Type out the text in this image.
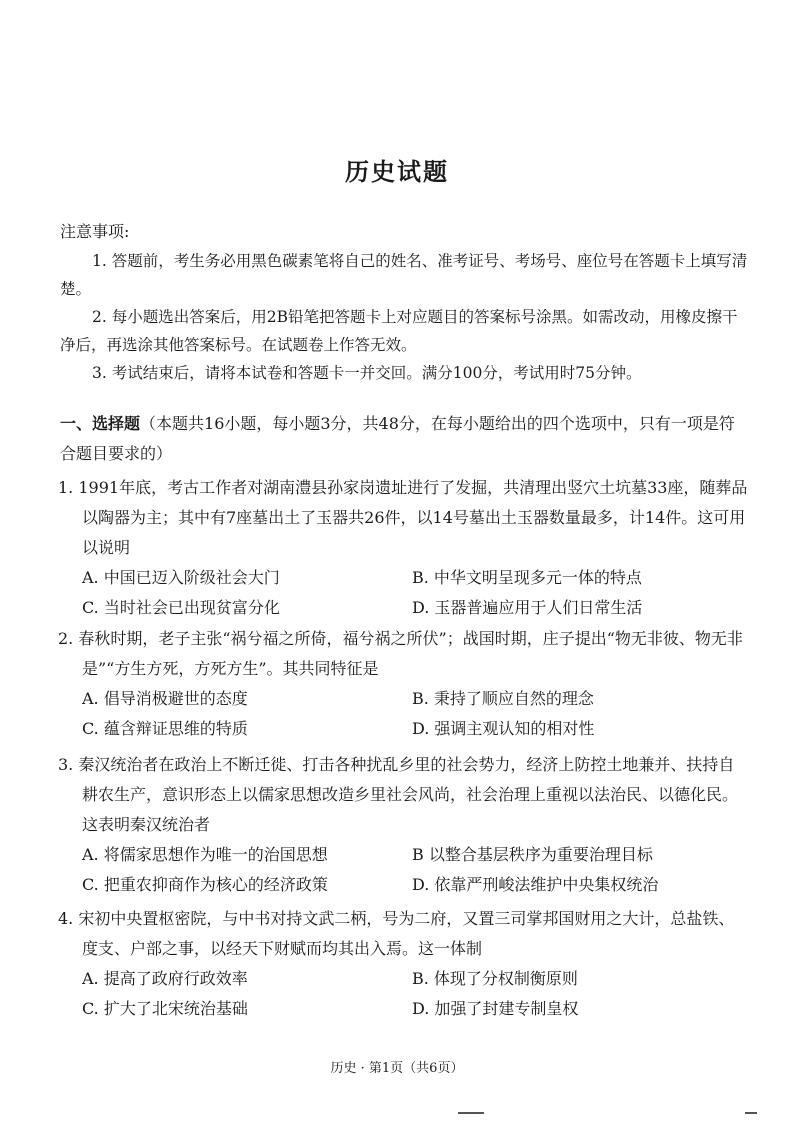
历史试题
注意事项:
1. 答题前，考生务必用黑色碳素笔将自己的姓名、准考证号、考场号、座位号在答题卡上填写清楚。
2. 每小题选出答案后，用2B铅笔把答题卡上对应题目的答案标号涂黑。如需改动，用橡皮擦干净后，再选涂其他答案标号。在试题卷上作答无效。
3. 考试结束后，请将本试卷和答题卡一并交回。满分100分，考试用时75分钟。
一、选择题（本题共16小题，每小题3分，共48分，在每小题给出的四个选项中，只有一项是符合题目要求的）
1. 1991年底，考古工作者对湖南澧县孙家岗遗址进行了发掘，共清理出竖穴土坑墓33座，随葬品以陶器为主；其中有7座墓出土了玉器共26件，以14号墓出土玉器数量最多，计14件。这可用以说明
A. 中国已迈入阶级社会大门	B. 中华文明呈现多元一体的特点
C. 当时社会已出现贫富分化	D. 玉器普遍应用于人们日常生活
2. 春秋时期，老子主张“祸兮福之所倚，福兮祸之所伏”；战国时期，庄子提出“物无非彼、物无非是”“方生方死，方死方生”。其共同特征是
A. 倡导消极避世的态度	B. 秉持了顺应自然的理念
C. 蕴含辩证思维的特质	D. 强调主观认知的相对性
3. 秦汉统治者在政治上不断迁徙、打击各种扰乱乡里的社会势力，经济上防控土地兼并、扶持自耕农生产，意识形态上以儒家思想改造乡里社会风尚，社会治理上重视以法治民、以德化民。这表明秦汉统治者
A. 将儒家思想作为唯一的治国思想	B 以整合基层秩序为重要治理目标
C. 把重农抑商作为核心的经济政策	D. 依靠严刑峻法维护中央集权统治
4. 宋初中央置枢密院，与中书对持文武二柄，号为二府，又置三司掌邦国财用之大计，总盐铁、度支、户部之事，以经天下财赋而均其出入焉。这一体制
A. 提高了政府行政效率	B. 体现了分权制衡原则
C. 扩大了北宋统治基础	D. 加强了封建专制皇权
历史 · 第1页（共6页）
